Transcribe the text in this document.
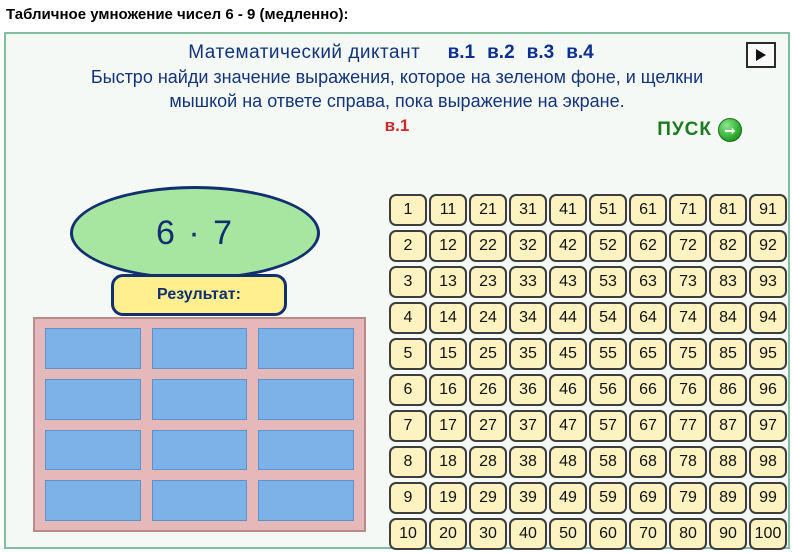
Табличное умножение чисел 6 - 9 (медленно):
Математический диктант в.1 в.2 в.3 в.4
Быстро найди значение выражения, которое на зеленом фоне, и щелкни
мышкой на ответе справа, пока выражение на экране.
в.1	ПУСК ➞
6 · 7
Результат:
1	11	21	31	41	51	61	71	81	91
2	12	22	32	42	52	62	72	82	92
3	13	23	33	43	53	63	73	83	93
4	14	24	34	44	54	64	74	84	94
5	15	25	35	45	55	65	75	85	95
6	16	26	36	46	56	66	76	86	96
7	17	27	37	47	57	67	77	87	97
8	18	28	38	48	58	68	78	88	98
9	19	29	39	49	59	69	79	89	99
10	20	30	40	50	60	70	80	90	100
